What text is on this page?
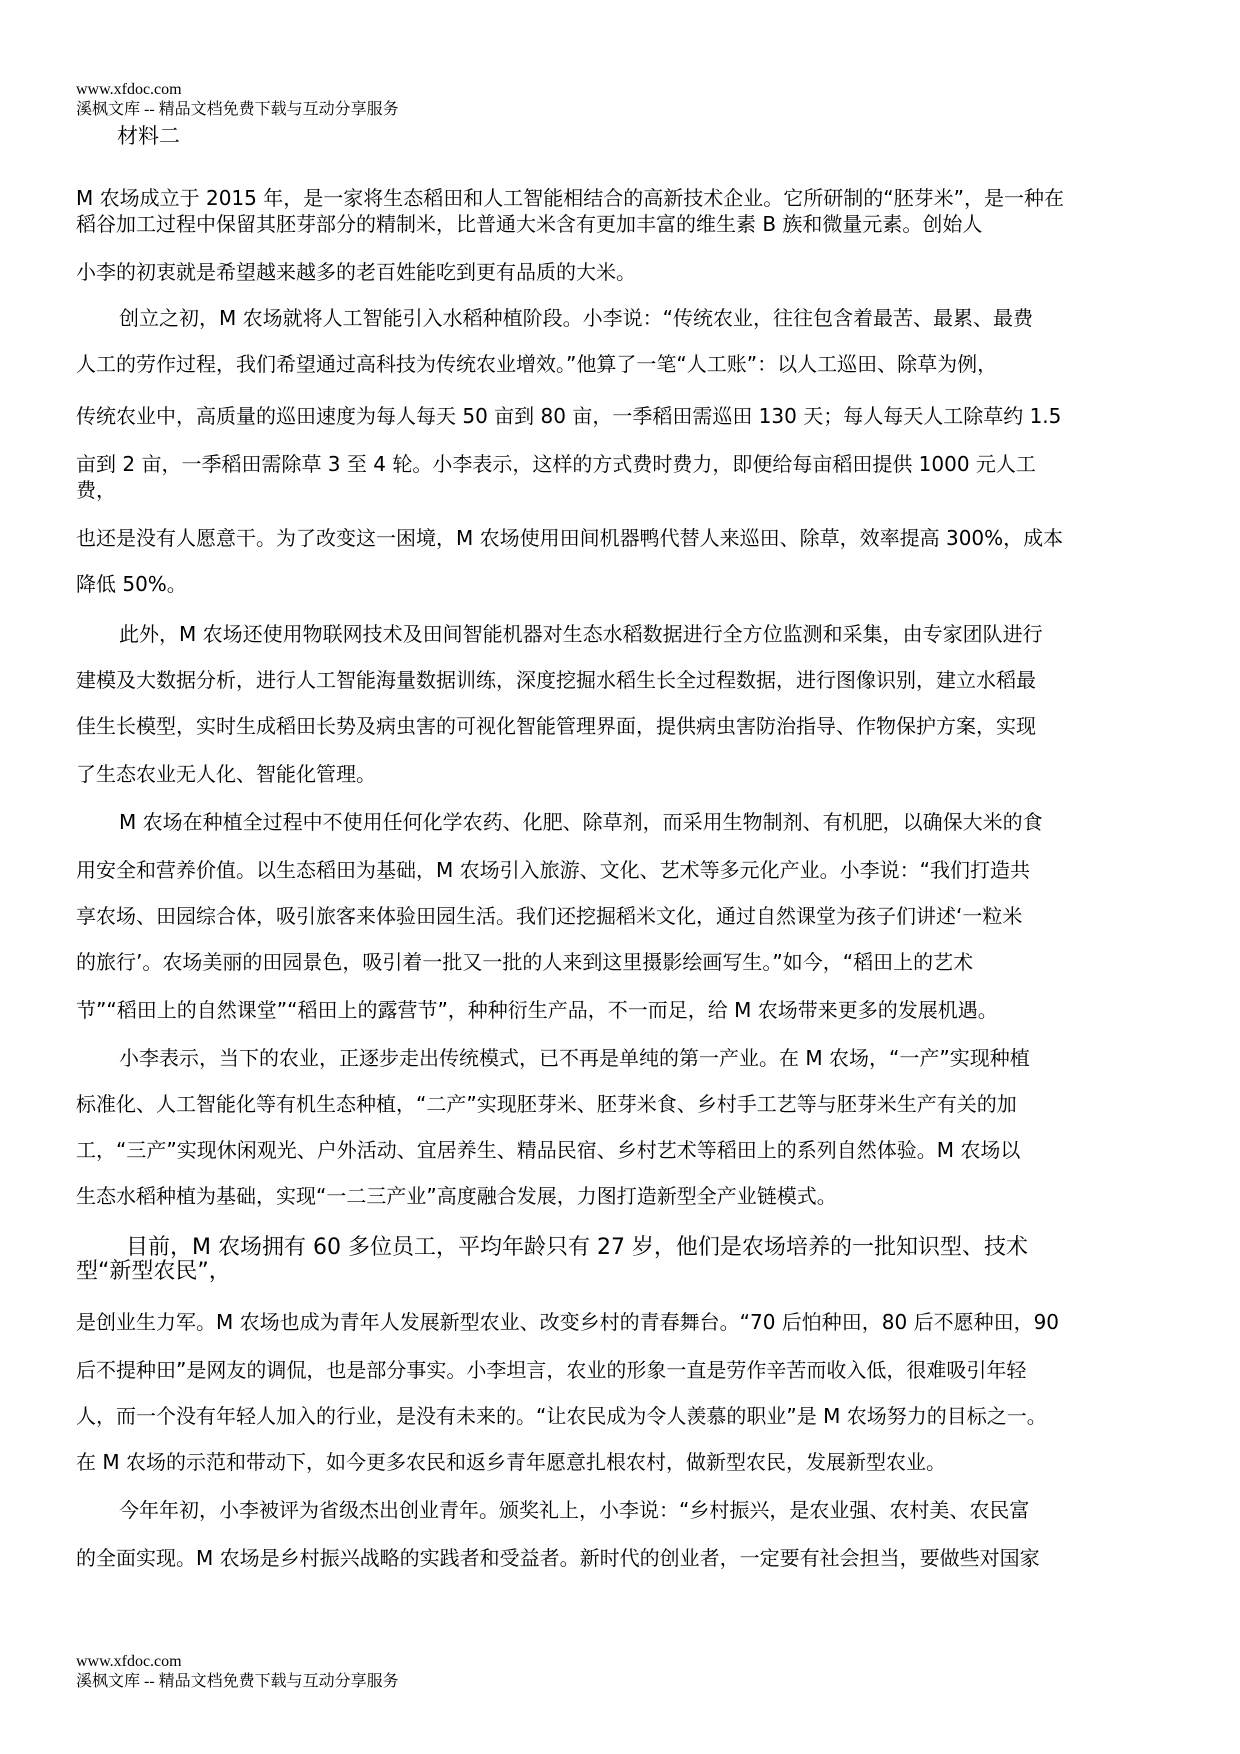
www.xfdoc.com
溪枫文库 -- 精品文档免费下载与互动分享服务
材料二
M 农场成立于 2015 年，是一家将生态稻田和人工智能相结合的高新技术企业。它所研制的“胚芽米”，是一种在
稻谷加工过程中保留其胚芽部分的精制米，比普通大米含有更加丰富的维生素 B 族和微量元素。创始人
小李的初衷就是希望越来越多的老百姓能吃到更有品质的大米。
创立之初，M 农场就将人工智能引入水稻种植阶段。小李说：“传统农业，往往包含着最苦、最累、最费
人工的劳作过程，我们希望通过高科技为传统农业增效。”他算了一笔“人工账”：以人工巡田、除草为例，
传统农业中，高质量的巡田速度为每人每天 50 亩到 80 亩，一季稻田需巡田 130 天；每人每天人工除草约 1.5
亩到 2 亩，一季稻田需除草 3 至 4 轮。小李表示，这样的方式费时费力，即便给每亩稻田提供 1000 元人工
费，
也还是没有人愿意干。为了改变这一困境，M 农场使用田间机器鸭代替人来巡田、除草，效率提高 300%，成本
降低 50%。
此外，M 农场还使用物联网技术及田间智能机器对生态水稻数据进行全方位监测和采集，由专家团队进行
建模及大数据分析，进行人工智能海量数据训练，深度挖掘水稻生长全过程数据，进行图像识别，建立水稻最
佳生长模型，实时生成稻田长势及病虫害的可视化智能管理界面，提供病虫害防治指导、作物保护方案，实现
了生态农业无人化、智能化管理。
M 农场在种植全过程中不使用任何化学农药、化肥、除草剂，而采用生物制剂、有机肥，以确保大米的食
用安全和营养价值。以生态稻田为基础，M 农场引入旅游、文化、艺术等多元化产业。小李说：“我们打造共
享农场、田园综合体，吸引旅客来体验田园生活。我们还挖掘稻米文化，通过自然课堂为孩子们讲述‘一粒米
的旅行’。农场美丽的田园景色，吸引着一批又一批的人来到这里摄影绘画写生。”如今，“稻田上的艺术
节”“稻田上的自然课堂”“稻田上的露营节”，种种衍生产品，不一而足，给 M 农场带来更多的发展机遇。
小李表示，当下的农业，正逐步走出传统模式，已不再是单纯的第一产业。在 M 农场，“一产”实现种植
标准化、人工智能化等有机生态种植，“二产”实现胚芽米、胚芽米食、乡村手工艺等与胚芽米生产有关的加
工，“三产”实现休闲观光、户外活动、宜居养生、精品民宿、乡村艺术等稻田上的系列自然体验。M 农场以
生态水稻种植为基础，实现“一二三产业”高度融合发展，力图打造新型全产业链模式。
目前，M 农场拥有 60 多位员工，平均年龄只有 27 岁，他们是农场培养的一批知识型、技术
型“新型农民”，
是创业生力军。M 农场也成为青年人发展新型农业、改变乡村的青春舞台。“70 后怕种田，80 后不愿种田，90
后不提种田”是网友的调侃，也是部分事实。小李坦言，农业的形象一直是劳作辛苦而收入低，很难吸引年轻
人，而一个没有年轻人加入的行业，是没有未来的。“让农民成为令人羡慕的职业”是 M 农场努力的目标之一。
在 M 农场的示范和带动下，如今更多农民和返乡青年愿意扎根农村，做新型农民，发展新型农业。
今年年初，小李被评为省级杰出创业青年。颁奖礼上，小李说：“乡村振兴，是农业强、农村美、农民富
的全面实现。M 农场是乡村振兴战略的实践者和受益者。新时代的创业者，一定要有社会担当，要做些对国家
www.xfdoc.com
溪枫文库 -- 精品文档免费下载与互动分享服务
